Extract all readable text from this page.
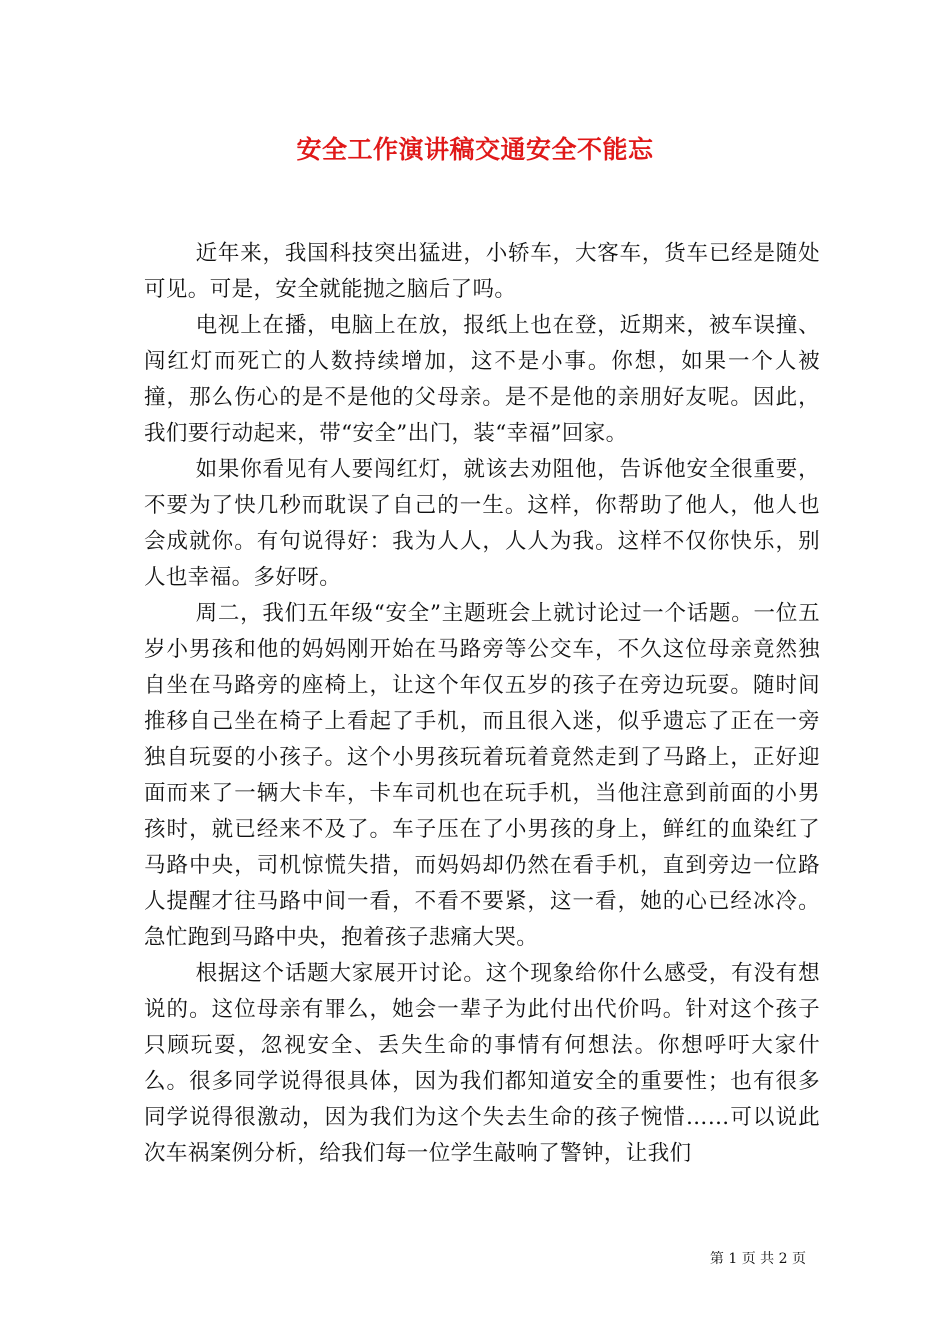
安全工作演讲稿交通安全不能忘

近年来，我国科技突出猛进，小轿车，大客车，货车已经是随处可见。可是，安全就能抛之脑后了吗。

电视上在播，电脑上在放，报纸上也在登，近期来，被车误撞、闯红灯而死亡的人数持续增加，这不是小事。你想，如果一个人被撞，那么伤心的是不是他的父母亲。是不是他的亲朋好友呢。因此，我们要行动起来，带“安全”出门，装“幸福”回家。

如果你看见有人要闯红灯，就该去劝阻他，告诉他安全很重要，不要为了快几秒而耽误了自己的一生。这样，你帮助了他人，他人也会成就你。有句说得好：我为人人，人人为我。这样不仅你快乐，别人也幸福。多好呀。

周二，我们五年级“安全”主题班会上就讨论过一个话题。一位五岁小男孩和他的妈妈刚开始在马路旁等公交车，不久这位母亲竟然独自坐在马路旁的座椅上，让这个年仅五岁的孩子在旁边玩耍。随时间推移自己坐在椅子上看起了手机，而且很入迷，似乎遗忘了正在一旁独自玩耍的小孩子。这个小男孩玩着玩着竟然走到了马路上，正好迎面而来了一辆大卡车，卡车司机也在玩手机，当他注意到前面的小男孩时，就已经来不及了。车子压在了小男孩的身上，鲜红的血染红了马路中央，司机惊慌失措，而妈妈却仍然在看手机，直到旁边一位路人提醒才往马路中间一看，不看不要紧，这一看，她的心已经冰冷。急忙跑到马路中央，抱着孩子悲痛大哭。

根据这个话题大家展开讨论。这个现象给你什么感受，有没有想说的。这位母亲有罪么，她会一辈子为此付出代价吗。针对这个孩子只顾玩耍，忽视安全、丢失生命的事情有何想法。你想呼吁大家什么。很多同学说得很具体，因为我们都知道安全的重要性；也有很多同学说得很激动，因为我们为这个失去生命的孩子惋惜……可以说此次车祸案例分析，给我们每一位学生敲响了警钟，让我们

第 1 页 共 2 页
